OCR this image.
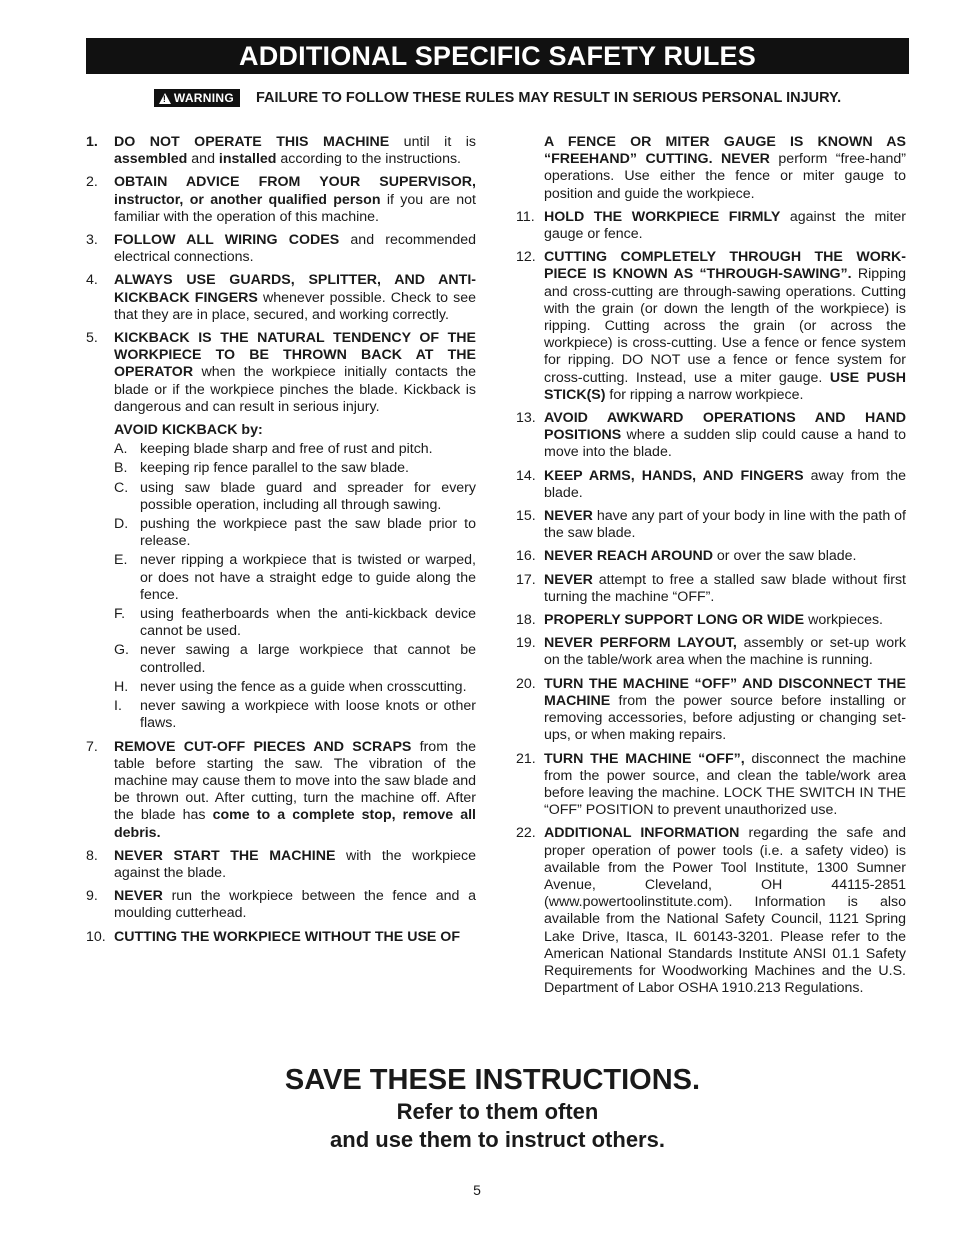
ADDITIONAL SPECIFIC SAFETY RULES
!
WARNING FAILURE TO FOLLOW THESE RULES MAY RESULT IN SERIOUS PERSONAL INJURY.
1.	DO NOT OPERATE THIS MACHINE until it is assembled and installed according to the instructions.
2.	OBTAIN ADVICE FROM YOUR SUPERVISOR, instructor, or another qualified person if you are not familiar with the operation of this machine.
3.	FOLLOW ALL WIRING CODES and recommended electrical connections.
4.	ALWAYS USE GUARDS, SPLITTER, AND ANTI-KICKBACK FINGERS whenever possible. Check to see that they are in place, secured, and working correctly.
5.	KICKBACK IS THE NATURAL TENDENCY OF THE WORKPIECE TO BE THROWN BACK AT THE OPERATOR when the workpiece initially contacts the blade or if the workpiece pinches the blade. Kickback is dangerous and can result in serious injury.
AVOID KICKBACK by:
A. keeping blade sharp and free of rust and pitch.
B. keeping rip fence parallel to the saw blade.
C. using saw blade guard and spreader for every possible operation, including all through sawing.
D. pushing the workpiece past the saw blade prior to release.
E. never ripping a workpiece that is twisted or warped, or does not have a straight edge to guide along the fence.
F.	using featherboards when the anti-kickback device cannot be used.
G. never sawing a large workpiece that cannot be controlled.
H. never using the fence as a guide when crosscutting.
I.	never sawing a workpiece with loose knots or other flaws.
7.	REMOVE CUT-OFF PIECES AND SCRAPS from the table before starting the saw. The vibration of the machine may cause them to move into the saw blade and be thrown out. After cutting, turn the machine off. After the blade has come to a complete stop, remove all debris.
8.	NEVER START THE MACHINE with the workpiece against the blade.
9.	NEVER run the workpiece between the fence and a moulding cutterhead.
10. CUTTING THE WORKPIECE WITHOUT THE USE OF
A FENCE OR MITER GAUGE IS KNOWN AS “FREEHAND” CUTTING. NEVER perform “free-hand” operations. Use either the fence or miter gauge to position and guide the workpiece.
11. HOLD THE WORKPIECE FIRMLY against the miter gauge or fence.
12. CUTTING COMPLETELY THROUGH THE WORK-PIECE IS KNOWN AS “THROUGH-SAWING”. Ripping and cross-cutting are through-sawing operations. Cutting with the grain (or down the length of the workpiece) is ripping. Cutting across the grain (or across the workpiece) is cross-cutting. Use a fence or fence system for ripping. DO NOT use a fence or fence system for cross-cutting. Instead, use a miter gauge. USE PUSH STICK(S) for ripping a narrow workpiece.
13. AVOID AWKWARD OPERATIONS AND HAND POSITIONS where a sudden slip could cause a hand to move into the blade.
14. KEEP ARMS, HANDS, AND FINGERS away from the blade.
15. NEVER have any part of your body in line with the path of the saw blade.
16. NEVER REACH AROUND or over the saw blade.
17. NEVER attempt to free a stalled saw blade without first turning the machine “OFF”.
18. PROPERLY SUPPORT LONG OR WIDE workpieces.
19. NEVER PERFORM LAYOUT, assembly or set-up work on the table/work area when the machine is running.
20. TURN THE MACHINE “OFF” AND DISCONNECT THE MACHINE from the power source before installing or removing accessories, before adjusting or changing set-ups, or when making repairs.
21. TURN THE MACHINE “OFF”, disconnect the machine from the power source, and clean the table/work area before leaving the machine. LOCK THE SWITCH IN THE “OFF” POSITION to prevent unauthorized use.
22. ADDITIONAL INFORMATION regarding the safe and proper operation of power tools (i.e. a safety video) is available from the Power Tool Institute, 1300 Sumner Avenue, Cleveland, OH 44115-2851 (www.powertoolinstitute.com). Information is also available from the National Safety Council, 1121 Spring Lake Drive, Itasca, IL 60143-3201. Please refer to the American National Standards Institute ANSI 01.1 Safety Requirements for Woodworking Machines and the U.S. Department of Labor OSHA 1910.213 Regulations.
SAVE THESE INSTRUCTIONS.
Refer to them often
and use them to instruct others.
5
